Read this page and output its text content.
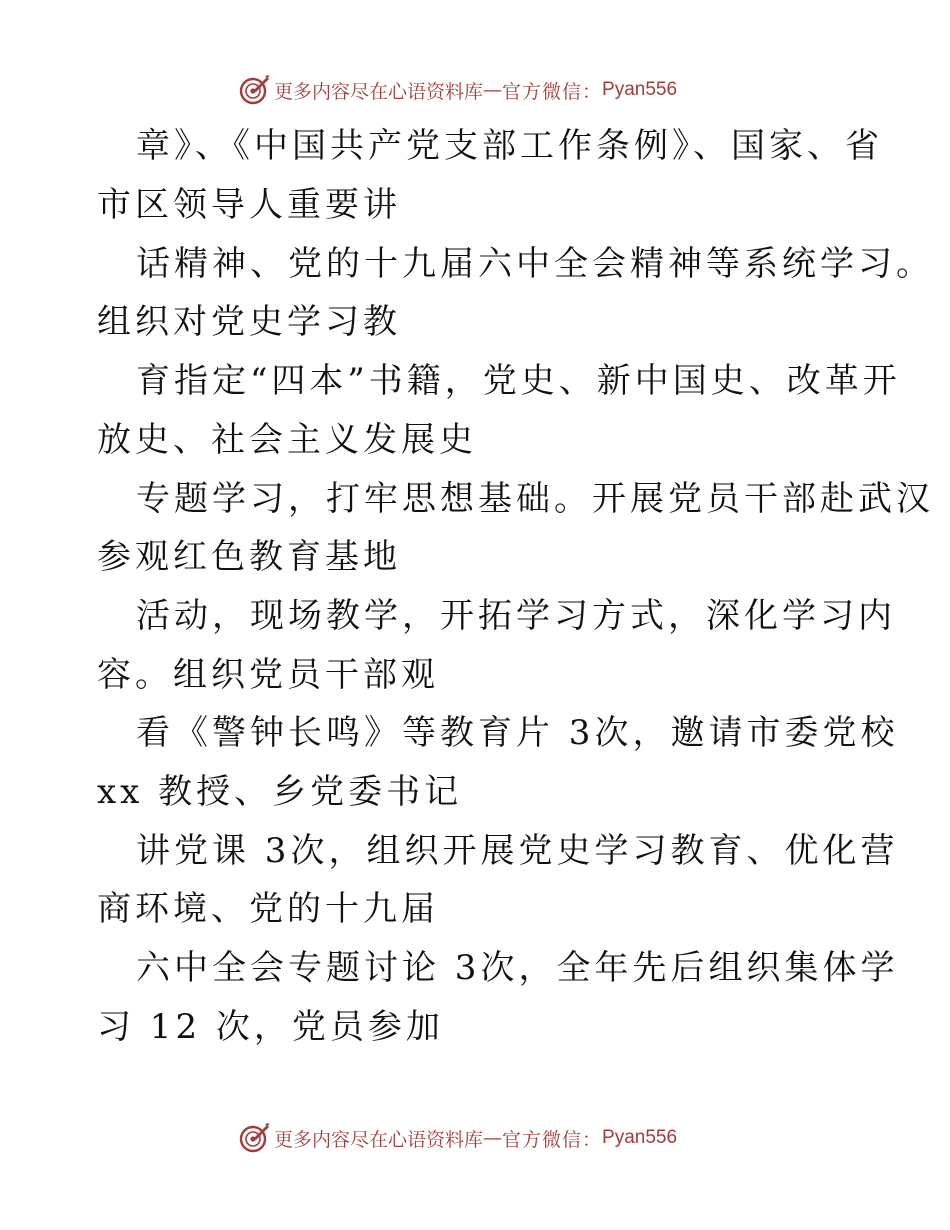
更多内容尽在心语资料库 — 官方微信： Pyan556
章》、《中国共产党支部工作条例》、国家、省
市区领导人重要讲
话精神、党的十九届六中全会精神等系统学习。
组织对党史学习教
育指定“四本”书籍，党史、新中国史、改革开
放史、社会主义发展史
专题学习，打牢思想基础。开展党员干部赴武汉
参观红色教育基地
活动，现场教学，开拓学习方式，深化学习内
容。组织党员干部观
看《警钟长鸣》等教育片 3次，邀请市委党校
xx 教授、乡党委书记
讲党课 3次，组织开展党史学习教育、优化营
商环境、党的十九届
六中全会专题讨论 3次，全年先后组织集体学
习 12 次，党员参加
更多内容尽在心语资料库 — 官方微信： Pyan556
